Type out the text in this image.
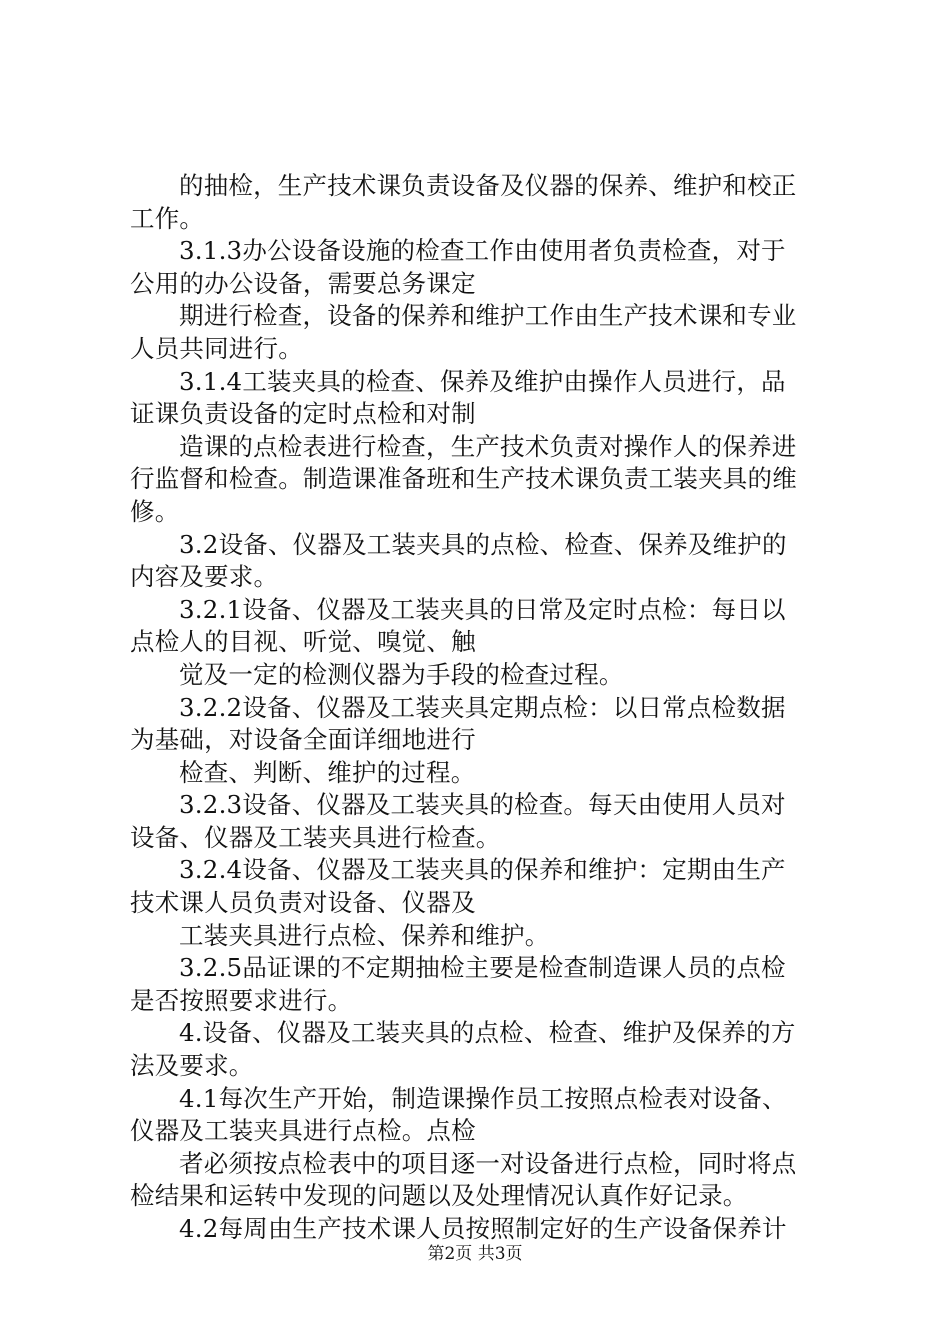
的抽检，生产技术课负责设备及仪器的保养、维护和校正
工作。
3.1.3办公设备设施的检查工作由使用者负责检查，对于
公用的办公设备，需要总务课定
期进行检查，设备的保养和维护工作由生产技术课和专业
人员共同进行。
3.1.4工装夹具的检查、保养及维护由操作人员进行，品
证课负责设备的定时点检和对制
造课的点检表进行检查，生产技术负责对操作人的保养进
行监督和检查。制造课准备班和生产技术课负责工装夹具的维
修。
3.2设备、仪器及工装夹具的点检、检查、保养及维护的
内容及要求。
3.2.1设备、仪器及工装夹具的日常及定时点检：每日以
点检人的目视、听觉、嗅觉、触
觉及一定的检测仪器为手段的检查过程。
3.2.2设备、仪器及工装夹具定期点检：以日常点检数据
为基础，对设备全面详细地进行
检查、判断、维护的过程。
3.2.3设备、仪器及工装夹具的检查。每天由使用人员对
设备、仪器及工装夹具进行检查。
3.2.4设备、仪器及工装夹具的保养和维护：定期由生产
技术课人员负责对设备、仪器及
工装夹具进行点检、保养和维护。
3.2.5品证课的不定期抽检主要是检查制造课人员的点检
是否按照要求进行。
4.设备、仪器及工装夹具的点检、检查、维护及保养的方
法及要求。
4.1每次生产开始，制造课操作员工按照点检表对设备、
仪器及工装夹具进行点检。点检
者必须按点检表中的项目逐一对设备进行点检，同时将点
检结果和运转中发现的问题以及处理情况认真作好记录。
4.2每周由生产技术课人员按照制定好的生产设备保养计
第2页 共3页
